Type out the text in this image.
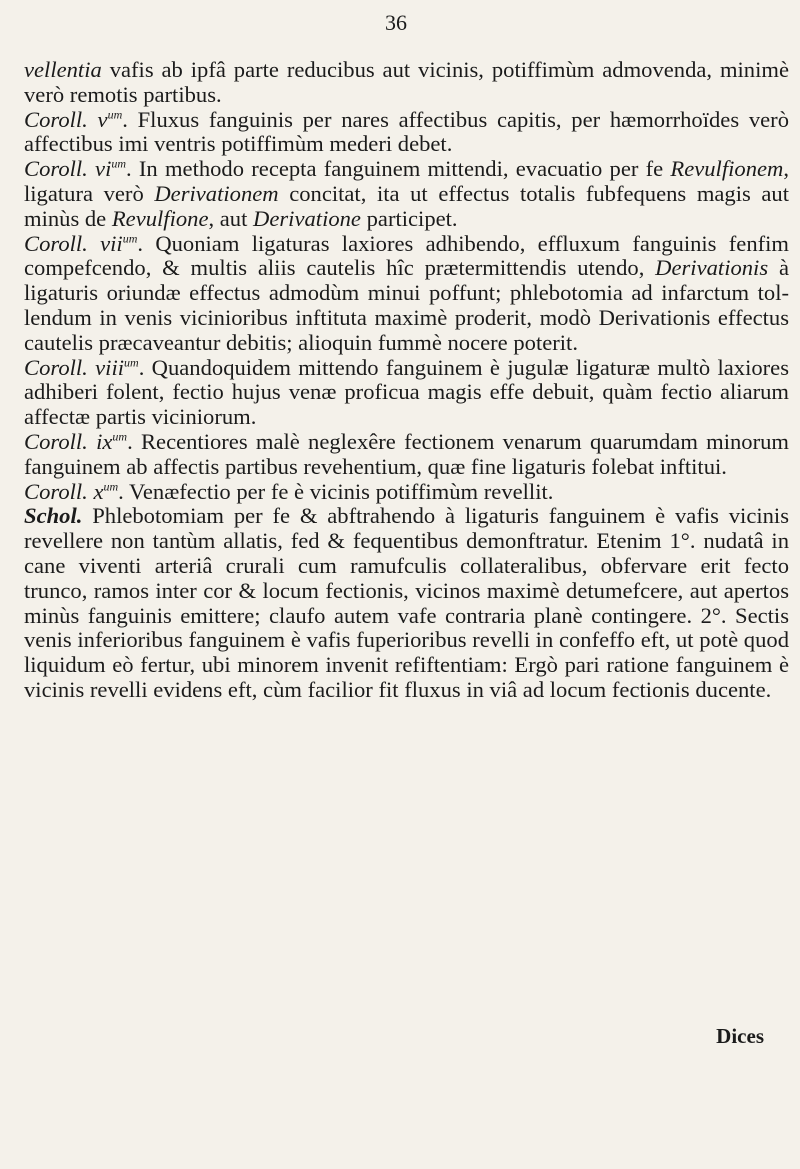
36

vellentia vafis ab ipfâ parte reducibus aut vicinis, potiffimùm admovenda, minimè verò remotis partibus.

Coroll. $v^{um}$. Fluxus fanguinis per nares affectibus capitis, per hæmorrhoïdes verò affectibus imi ventris potiffimùm mederi debet.

Coroll. $vi^{um}$. In methodo recepta fanguinem mittendi, evacuatio per fe Revulfionem, ligatura verò Derivationem concitat, ita ut effectus totalis fubfequens magis aut minùs de Revulfione, aut Derivatione participet.

Coroll. vii$^{um}$. Quoniam ligaturas laxiores adhibendo, effluxum fanguinis fenfim compefcendo, & multis aliis cautelis hîc prætermittendis utendo, Derivationis à ligaturis oriundæ effectus admodùm minui poffunt; phlebotomia ad infarctum tollendum in venis vicinioribus inftituta maximè proderit, modò Derivationis effectus cautelis præcaveantur debitis; alioquin fummè nocere poterit.

Coroll. viii$^{um}$. Quandoquidem mittendo fanguinem è jugulæ ligaturæ multò laxiores adhiberi folent, fectio hujus venæ proficua magis effe debuit, quàm fectio aliarum affectæ partis viciniorum.

Coroll. $ix^{um}$. Recentiores malè neglexêre fectionem venarum quarumdam minorum fanguinem ab affectis partibus revehentium, quæ fine ligaturis folebat inftitui.

Coroll. $x^{um}$. Venæfectio per fe è vicinis potiffimùm revellit.

Schol. Phlebotomiam per fe & abftrahendo à ligaturis fanguinem è vafis vicinis revellere non tantùm allatis, fed & fequentibus demonftratur. Etenim 1°. nudatâ in cane viventi arteriâ crurali cum ramufculis collateralibus, obfervare erit fecto trunco, ramos inter cor & locum fectionis, vicinos maximè detumefcere, aut apertos minùs fanguinis emittere; claufo autem vafe contraria planè contingere. 2°. Sectis venis inferioribus fanguinem è vafis fuperioribus revelli in confeffo eft, ut potè quod liquidum eò fertur, ubi minorem invenit refiftentiam: Ergò pari ratione fanguinem è vicinis revelli evidens eft, cùm facilior fit fluxus in viâ ad locum fectionis ducente.

Dices
